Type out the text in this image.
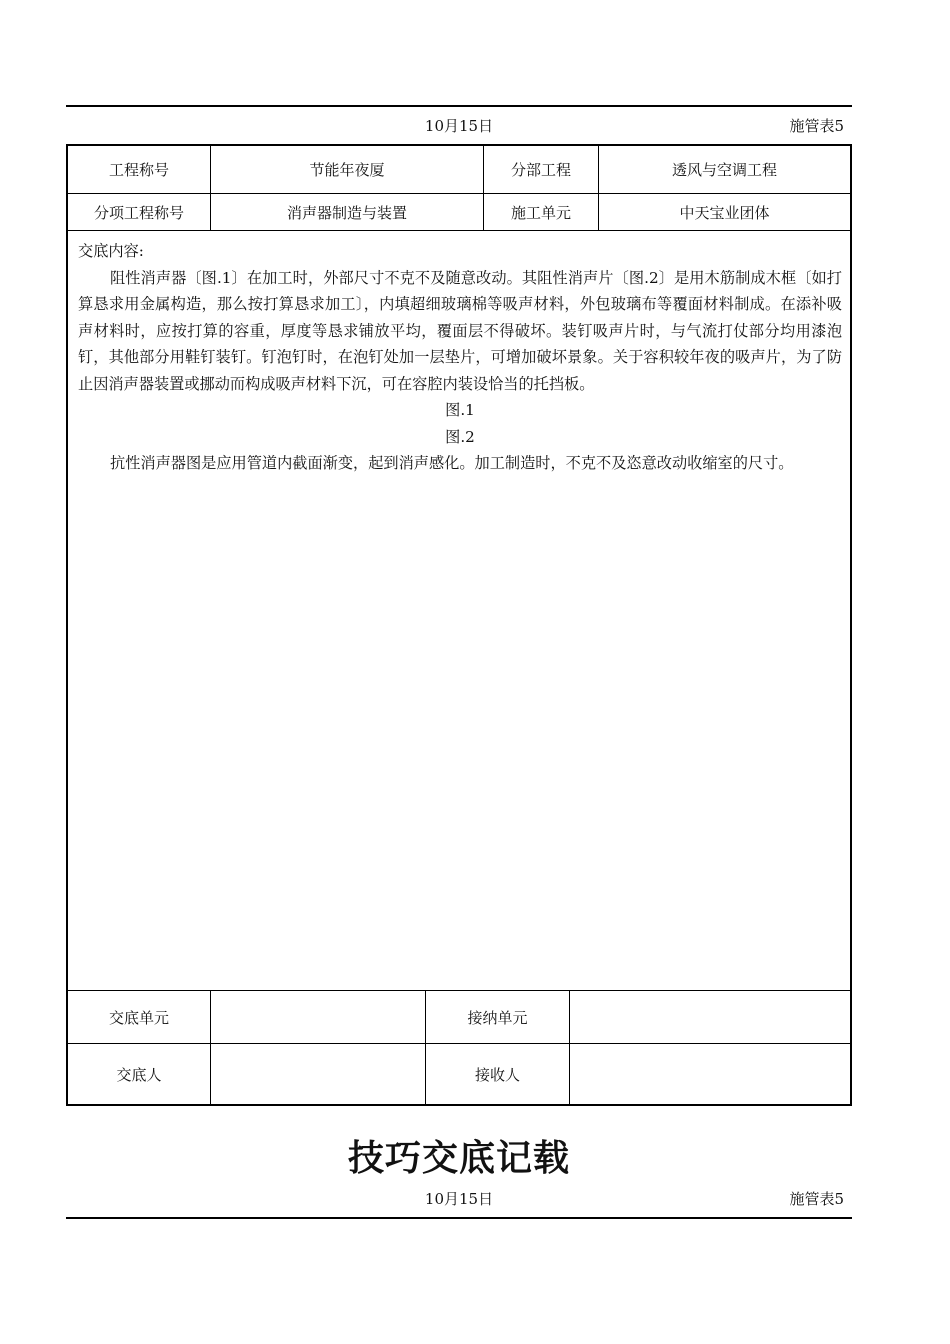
10月15日	施管表5
工程称号	节能年夜厦	分部工程	透风与空调工程
分项工程称号	消声器制造与装置	施工单元	中天宝业团体

交底内容:

阻性消声器〔图.1〕在加工时，外部尺寸不克不及随意改动。其阻性消声片〔图.2〕是用木筋制成木框〔如打算恳求用金属构造，那么按打算恳求加工〕，内填超细玻璃棉等吸声材料，外包玻璃布等覆面材料制成。在添补吸声材料时，应按打算的容重，厚度等恳求铺放平均，覆面层不得破坏。装钉吸声片时，与气流打仗部分均用漆泡钉，其他部分用鞋钉装钉。钉泡钉时，在泡钉处加一层垫片，可增加破坏景象。关于容积较年夜的吸声片，为了防止因消声器装置或挪动而构成吸声材料下沉，可在容腔内装设恰当的托挡板。

图.1

图.2

抗性消声器图是应用管道内截面渐变，起到消声感化。加工制造时，不克不及恣意改动收缩室的尺寸。

交底单元	接纳单元
交底人	接收人
技巧交底记载
10月15日	施管表5
